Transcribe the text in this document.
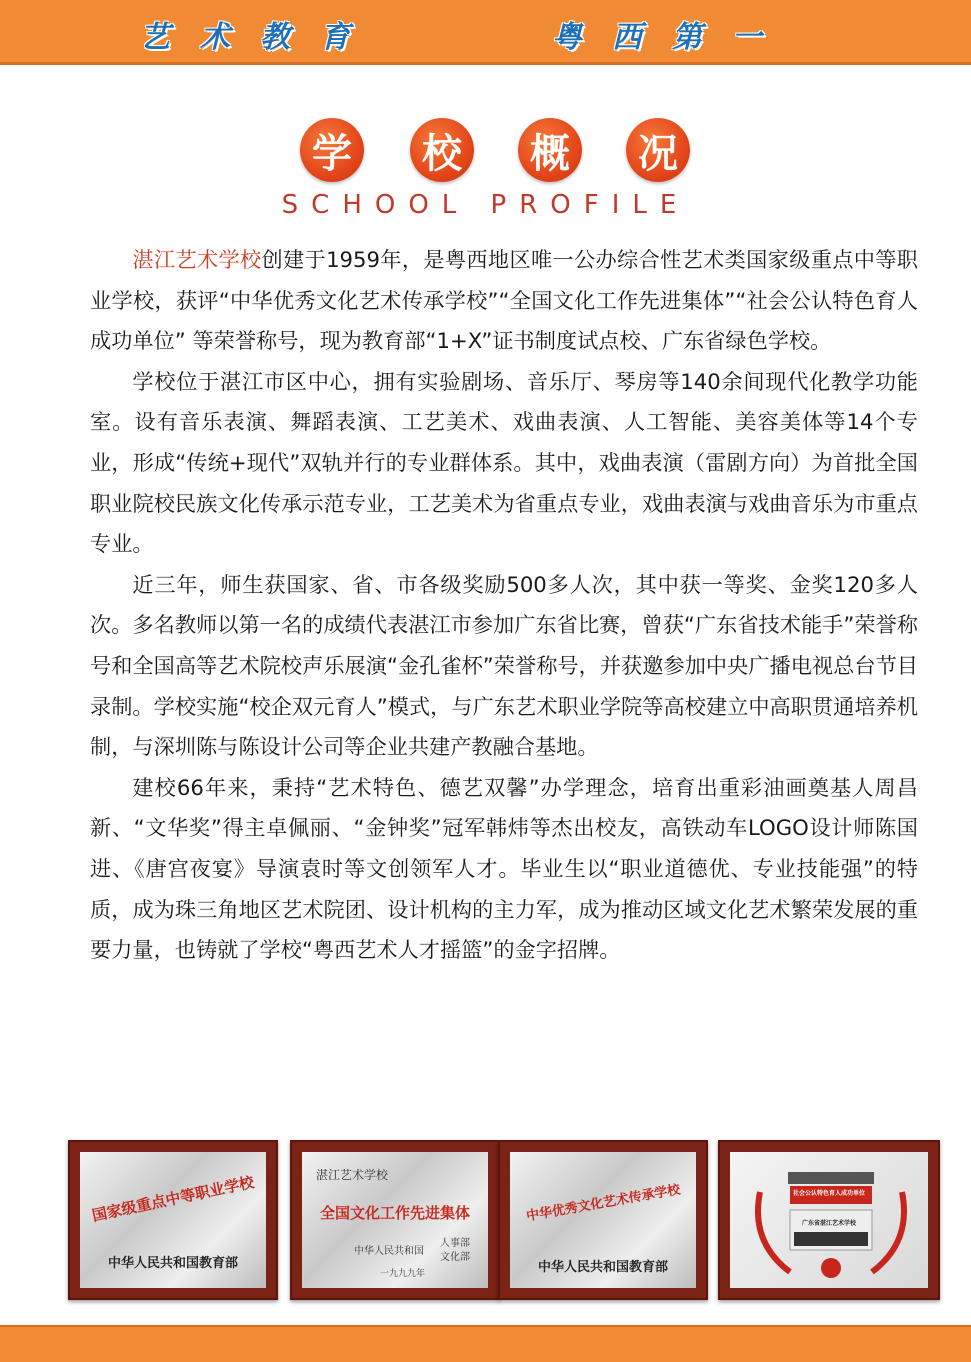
艺术教育	粤西第一
学	校	概	况
SCHOOL PROFILE

湛江艺术学校创建于1959年，是粤西地区唯一公办综合性艺术类国家级重点中等职业学校，获评“中华优秀文化艺术传承学校”“全国文化工作先进集体”“社会公认特色育人成功单位” 等荣誉称号，现为教育部“1+X”证书制度试点校、广东省绿色学校。

学校位于湛江市区中心，拥有实验剧场、音乐厅、琴房等140余间现代化教学功能室。设有音乐表演、舞蹈表演、工艺美术、戏曲表演、人工智能、美容美体等14个专业，形成“传统+现代”双轨并行的专业群体系。其中，戏曲表演（雷剧方向）为首批全国职业院校民族文化传承示范专业，工艺美术为省重点专业，戏曲表演与戏曲音乐为市重点专业。

近三年，师生获国家、省、市各级奖励500多人次，其中获一等奖、金奖120多人次。多名教师以第一名的成绩代表湛江市参加广东省比赛，曾获“广东省技术能手”荣誉称号和全国高等艺术院校声乐展演“金孔雀杯”荣誉称号，并获邀参加中央广播电视总台节目录制。学校实施“校企双元育人”模式，与广东艺术职业学院等高校建立中高职贯通培养机制，与深圳陈与陈设计公司等企业共建产教融合基地。

建校66年来，秉持“艺术特色、德艺双馨”办学理念，培育出重彩油画奠基人周昌新、“文华奖”得主卓佩丽、“金钟奖”冠军韩炜等杰出校友，高铁动车LOGO设计师陈国进、《唐宫夜宴》导演袁时等文创领军人才。毕业生以“职业道德优、专业技能强”的特质，成为珠三角地区艺术院团、设计机构的主力军，成为推动区域文化艺术繁荣发展的重要力量，也铸就了学校“粤西艺术人才摇篮”的金字招牌。

国家级重点中等职业学校
中华人民共和国教育部
湛江艺术学校
全国文化工作先进集体
中华人民共和国
人事部
文化部
一九九九年
中华优秀文化艺术传承学校
中华人民共和国教育部
社会公认特色育人成功单位
广东省湛江艺术学校
